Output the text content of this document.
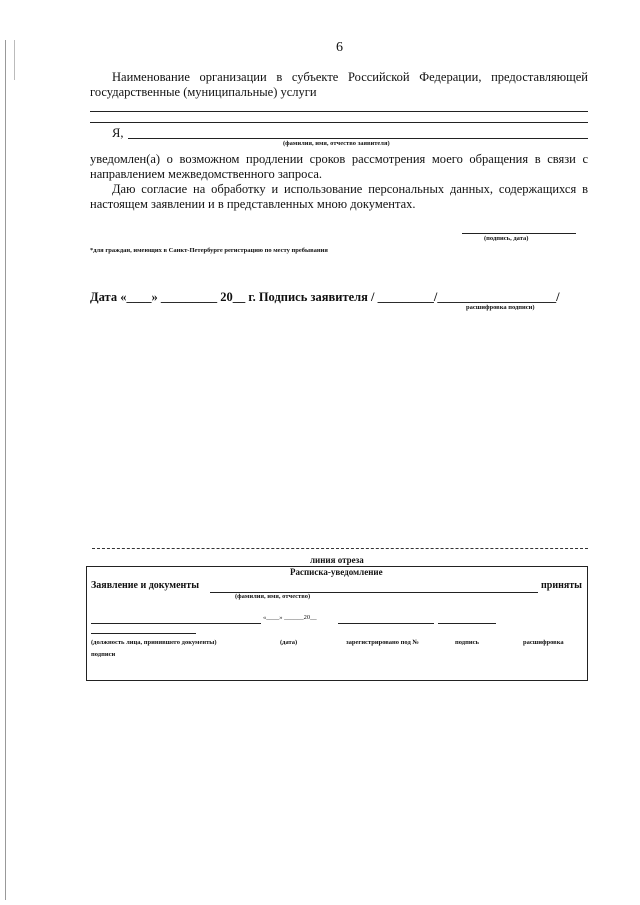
6
Наименование организации в субъекте Российской Федерации, предоставляющей государственные (муниципальные) услуги
Я,
(фамилия, имя, отчество заявителя)
уведомлен(а) о возможном продлении сроков рассмотрения моего обращения в связи с направлением межведомственного запроса.
Даю согласие на обработку и использование персональных данных, содержащихся в настоящем заявлении и в представленных мною документах.
(подпись, дата)
*для граждан, имеющих в Санкт-Петербурге регистрацию по месту пребывания
Дата «____» _________ 20__ г. Подпись заявителя / _________/___________________/
расшифровка подписи)
линия отреза
Расписка-уведомление
Заявление и документы	приняты
(фамилия, имя, отчество)
«____» ______20__
(должность лица, принявшего документы)	(дата)	зарегистрировано под №	подпись	расшифровка
подписи
